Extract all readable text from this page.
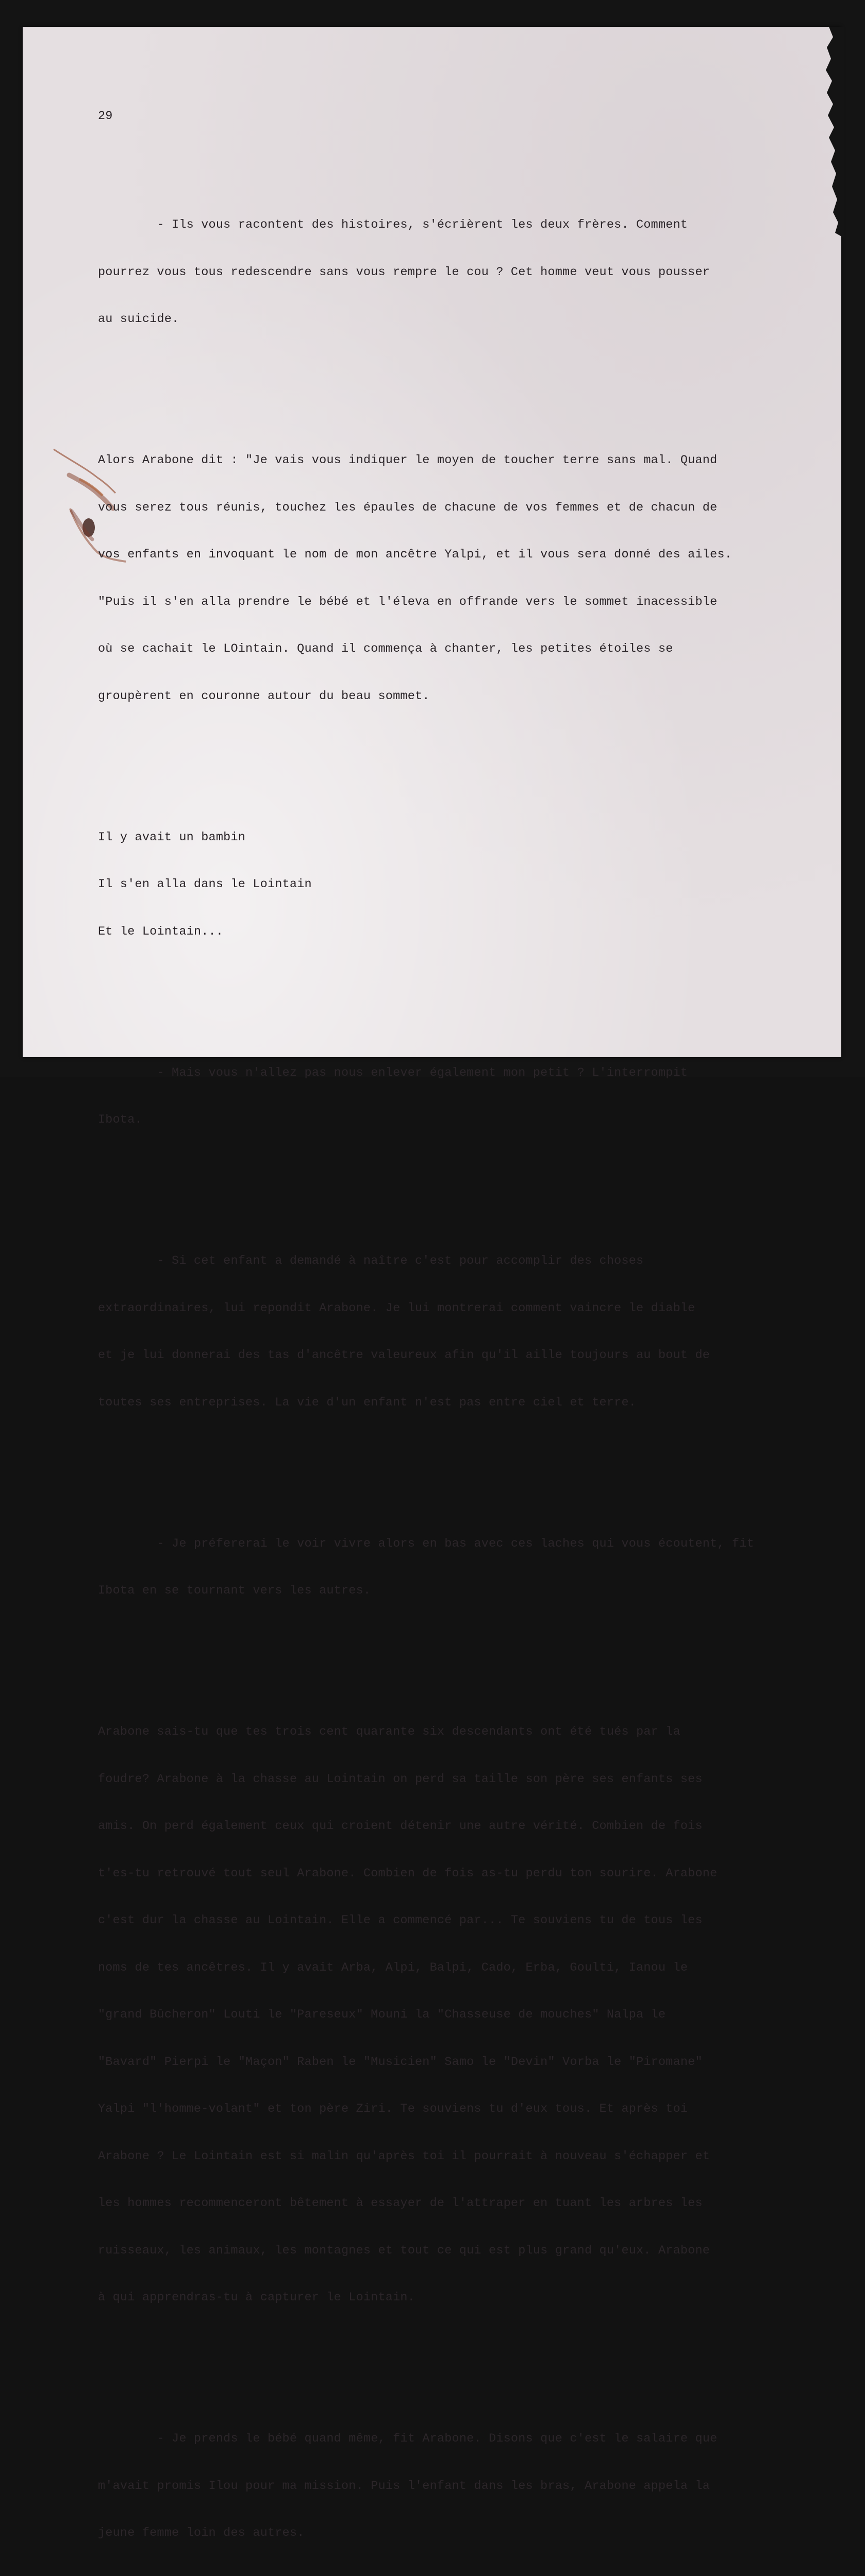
29

- Ils vous racontent des histoires, s'écrièrent les deux frères. Comment

pourrez vous tous redescendre sans vous rempre le cou ? Cet homme veut vous pousser

au suicide.

Alors Arabone dit : "Je vais vous indiquer le moyen de toucher terre sans mal. Quand

vous serez tous réunis, touchez les épaules de chacune de vos femmes et de chacun de

vos enfants en invoquant le nom de mon ancêtre Yalpi, et il vous sera donné des ailes.

"Puis il s'en alla prendre le bébé et l'éleva en offrande vers le sommet inacessible

où se cachait le LOintain. Quand il commença à chanter, les petites étoiles se

groupèrent en couronne autour du beau sommet.

Il y avait un bambin

Il s'en alla dans le Lointain

Et le Lointain...

- Mais vous n'allez pas nous enlever également mon petit ? L'interrompit

Ibota.

- Si cet enfant a demandé à naître c'est pour accomplir des choses

extraordinaires, lui repondit Arabone. Je lui montrerai comment vaincre le diable

et je lui donnerai des tas d'ancêtre valeureux afin qu'il aille toujours au bout de

toutes ses entreprises. La vie d'un enfant n'est pas entre ciel et terre.

- Je préfererai le voir vivre alors en bas avec ces laches qui vous écoutent, fit

Ibota en se tournant vers les autres.

Arabone sais-tu que tes trois cent quarante six descendants ont été tués par la

foudre? Arabone à la chasse au Lointain on perd sa taille son père ses enfants ses

amis. On perd également ceux qui croient détenir une autre vérité. Combien de fois

t'es-tu retrouvé tout seul Arabone. Combien de fois as-tu perdu ton sourire. Arabone

c'est dur la chasse au Lointain. Elle a commencé par... Te souviens tu de tous les

noms de tes ancêtres. Il y avait Arba, Alpi, Balpi, Cado, Erba, Goulti, Ianou le

"grand Bûcheron" Louti le "Pareseux" Mouni la "Chasseuse de mouches" Nalpa le

"Bavard" Pierpi le "Maçon" Raben le "Musicien" Samo le "Devin" Vorba le "Piromane"

Yalpi "l'homme-volant" et ton père Ziri. Te souviens tu d'eux tous. Et après toi

Arabone ? Le Lointain est si malin qu'après toi il pourrait à nouveau s'échapper et

les hommes recommenceront bêtement à essayer de l'attraper en tuant les arbres les

ruisseaux, les animaux, les montagnes et tout ce qui est plus grand qu'eux. Arabone

à qui apprendras-tu à capturer le Lointain.

- Je prends le bébé quand même, fit Arabone. Disons que c'est le salaire que

m'avait promis Ilou pour ma mission. Puis l'enfant dans les bras, Arabone appela la

jeune femme loin des autres.
